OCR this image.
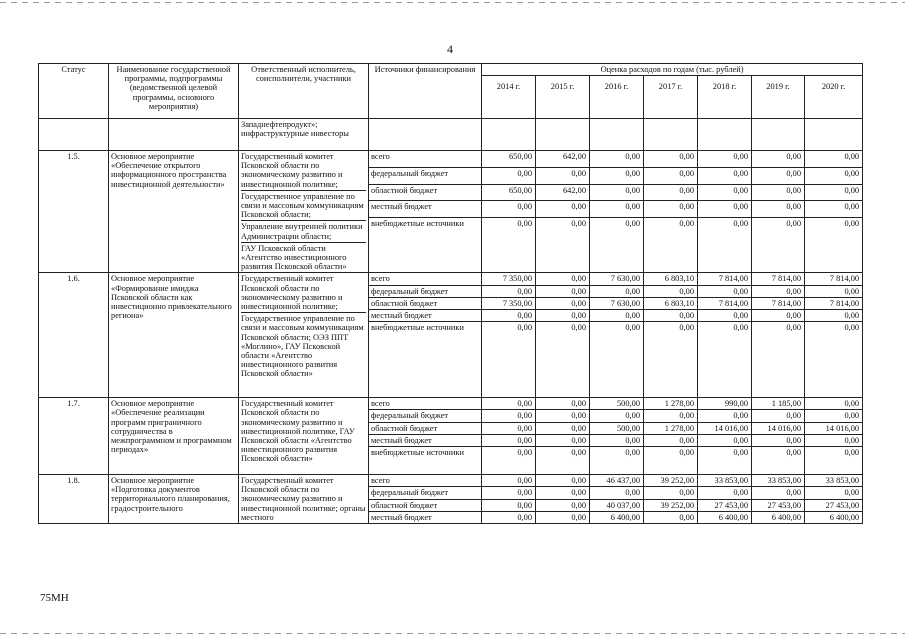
4
Статус	Наименование государственной программы, подпрограммы (ведомственной целевой программы, основного мероприятия)	Ответственный исполнитель, соисполнители, участники	Источники финансирования	Оценка расходов по годам (тыс. рублей)						
				2014 г.	2015 г.	2016 г.	2017 г.	2018 г.	2019 г.	2020 г.
		Западнефтепродукт»; инфраструктурные инвесторы								
1.5.	Основное мероприятие «Обеспечение открытого информационного пространства инвестиционной деятельности»	Государственный комитет Псковской области по экономическому развитию и инвестиционной политике;
Государственное управление по связи и массовым коммуникациям Псковской области;
Управление внутренней политики Администрации области;
ГАУ Псковской области «Агентство инвестиционного развития Псковской области»	всего	650,00	642,00	0,00	0,00	0,00	0,00	0,00
			федеральный бюджет	0,00	0,00	0,00	0,00	0,00	0,00	0,00
			областной бюджет	650,00	642,00	0,00	0,00	0,00	0,00	0,00
			местный бюджет	0,00	0,00	0,00	0,00	0,00	0,00	0,00
			внебюджетные источники	0,00	0,00	0,00	0,00	0,00	0,00	0,00
1.6.	Основное мероприятие «Формирование имиджа Псковской области как инвестиционно привлекательного региона»	Государственный комитет Псковской области по экономическому развитию и инвестиционной политике;
Государственное управление по связи и массовым коммуникациям Псковской области; ОЭЗ ППТ «Моглино», ГАУ Псковской области «Агентство инвестиционного развития Псковской области»	всего	7 350,00	0,00	7 630,00	6 803,10	7 814,00	7 814,00	7 814,00
			федеральный бюджет	0,00	0,00	0,00	0,00	0,00	0,00	0,00
			областной бюджет	7 350,00	0,00	7 630,00	6 803,10	7 814,00	7 814,00	7 814,00
			местный бюджет	0,00	0,00	0,00	0,00	0,00	0,00	0,00
			внебюджетные источники	0,00	0,00	0,00	0,00	0,00	0,00	0,00
1.7.	Основное мероприятие «Обеспечение реализации программ приграничного сотрудничества в межпрограммном и программном периодах»	Государственный комитет Псковской области по экономическому развитию и инвестиционной политике, ГАУ Псковской области «Агентство инвестиционного развития Псковской области»	всего	0,00	0,00	500,00	1 278,00	990,00	1 185,00	0,00
			федеральный бюджет	0,00	0,00	0,00	0,00	0,00	0,00	0,00
			областной бюджет	0,00	0,00	500,00	1 278,00	14 016,00	14 016,00	14 016,00
			местный бюджет	0,00	0,00	0,00	0,00	0,00	0,00	0,00
			внебюджетные источники	0,00	0,00	0,00	0,00	0,00	0,00	0,00
1.8.	Основное мероприятие «Подготовка документов территориального планирования, градостроительного	Государственный комитет Псковской области по экономическому развитию и инвестиционной политике; органы местного	всего	0,00	0,00	46 437,00	39 252,00	33 853,00	33 853,00	33 853,00
			федеральный бюджет	0,00	0,00	0,00	0,00	0,00	0,00	0,00
			областной бюджет	0,00	0,00	40 037,00	39 252,00	27 453,00	27 453,00	27 453,00
			местный бюджет	0,00	0,00	6 400,00	0,00	6 400,00	6 400,00	6 400,00
75МН
